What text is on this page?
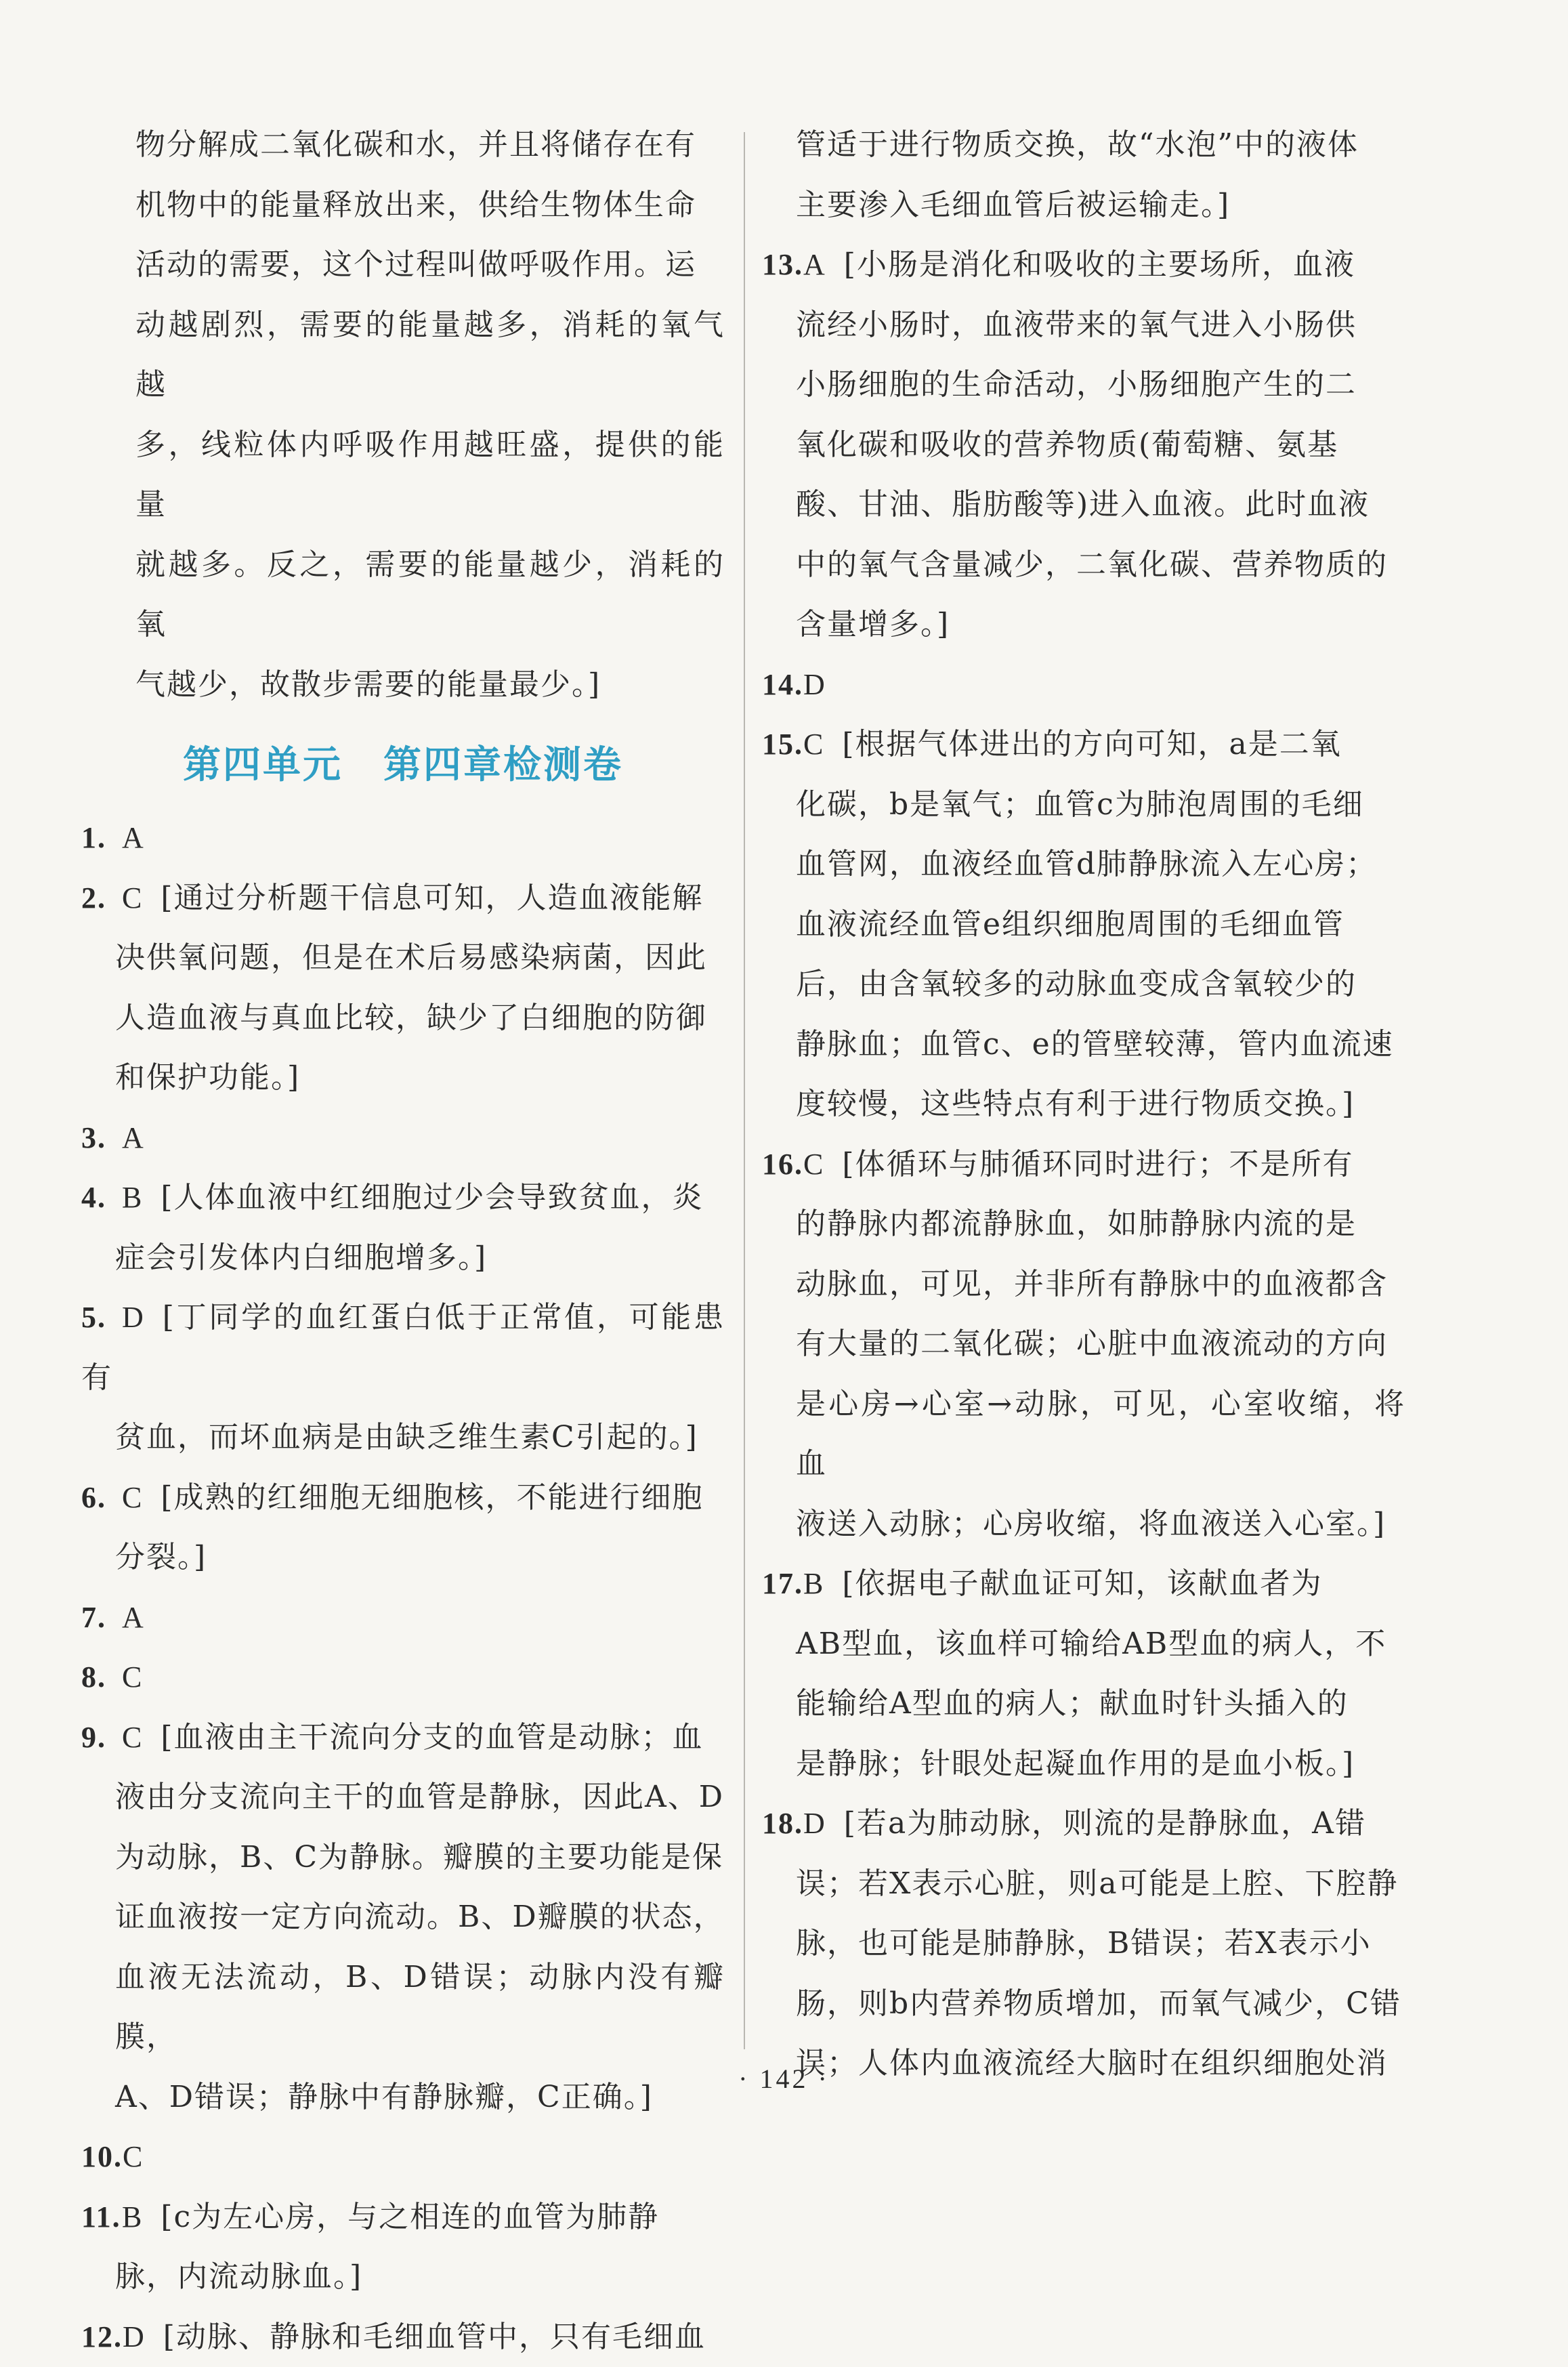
物分解成二氧化碳和水，并且将储存在有

机物中的能量释放出来，供给生物体生命

活动的需要，这个过程叫做呼吸作用。运

动越剧烈，需要的能量越多，消耗的氧气越

多，线粒体内呼吸作用越旺盛，提供的能量

就越多。反之，需要的能量越少，消耗的氧

气越少，故散步需要的能量最少。]

第四单元 第四章检测卷
1. A
2. C [通过分析题干信息可知，人造血液能解
决供氧问题，但是在术后易感染病菌，因此
人造血液与真血比较，缺少了白细胞的防御
和保护功能。]
3. A
4. B [人体血液中红细胞过少会导致贫血，炎
症会引发体内白细胞增多。]
5. D [丁同学的血红蛋白低于正常值，可能患有
贫血，而坏血病是由缺乏维生素C引起的。]
6. C [成熟的红细胞无细胞核，不能进行细胞
分裂。]
7. A
8. C
9. C [血液由主干流向分支的血管是动脉；血
液由分支流向主干的血管是静脉，因此A、D
为动脉，B、C为静脉。瓣膜的主要功能是保
证血液按一定方向流动。B、D瓣膜的状态，
血液无法流动，B、D错误；动脉内没有瓣膜，
A、D错误；静脉中有静脉瓣，C正确。]
10.C
11.B [c为左心房，与之相连的血管为肺静
脉，内流动脉血。]
12.D [动脉、静脉和毛细血管中，只有毛细血
管适于进行物质交换，故“水泡”中的液体
主要渗入毛细血管后被运输走。]
13.A [小肠是消化和吸收的主要场所，血液
流经小肠时，血液带来的氧气进入小肠供
小肠细胞的生命活动，小肠细胞产生的二
氧化碳和吸收的营养物质(葡萄糖、氨基
酸、甘油、脂肪酸等)进入血液。此时血液
中的氧气含量减少，二氧化碳、营养物质的
含量增多。]
14.D
15.C [根据气体进出的方向可知，a是二氧
化碳，b是氧气；血管c为肺泡周围的毛细
血管网，血液经血管d肺静脉流入左心房；
血液流经血管e组织细胞周围的毛细血管
后，由含氧较多的动脉血变成含氧较少的
静脉血；血管c、e的管壁较薄，管内血流速
度较慢，这些特点有利于进行物质交换。]
16.C [体循环与肺循环同时进行；不是所有
的静脉内都流静脉血，如肺静脉内流的是
动脉血，可见，并非所有静脉中的血液都含
有大量的二氧化碳；心脏中血液流动的方向
是心房→心室→动脉，可见，心室收缩，将血
液送入动脉；心房收缩，将血液送入心室。]
17.B [依据电子献血证可知，该献血者为
AB型血，该血样可输给AB型血的病人，不
能输给A型血的病人；献血时针头插入的
是静脉；针眼处起凝血作用的是血小板。]
18.D [若a为肺动脉，则流的是静脉血，A错
误；若X表示心脏，则a可能是上腔、下腔静
脉，也可能是肺静脉，B错误；若X表示小
肠，则b内营养物质增加，而氧气减少，C错
误；人体内血液流经大脑时在组织细胞处消
· 142 ·
